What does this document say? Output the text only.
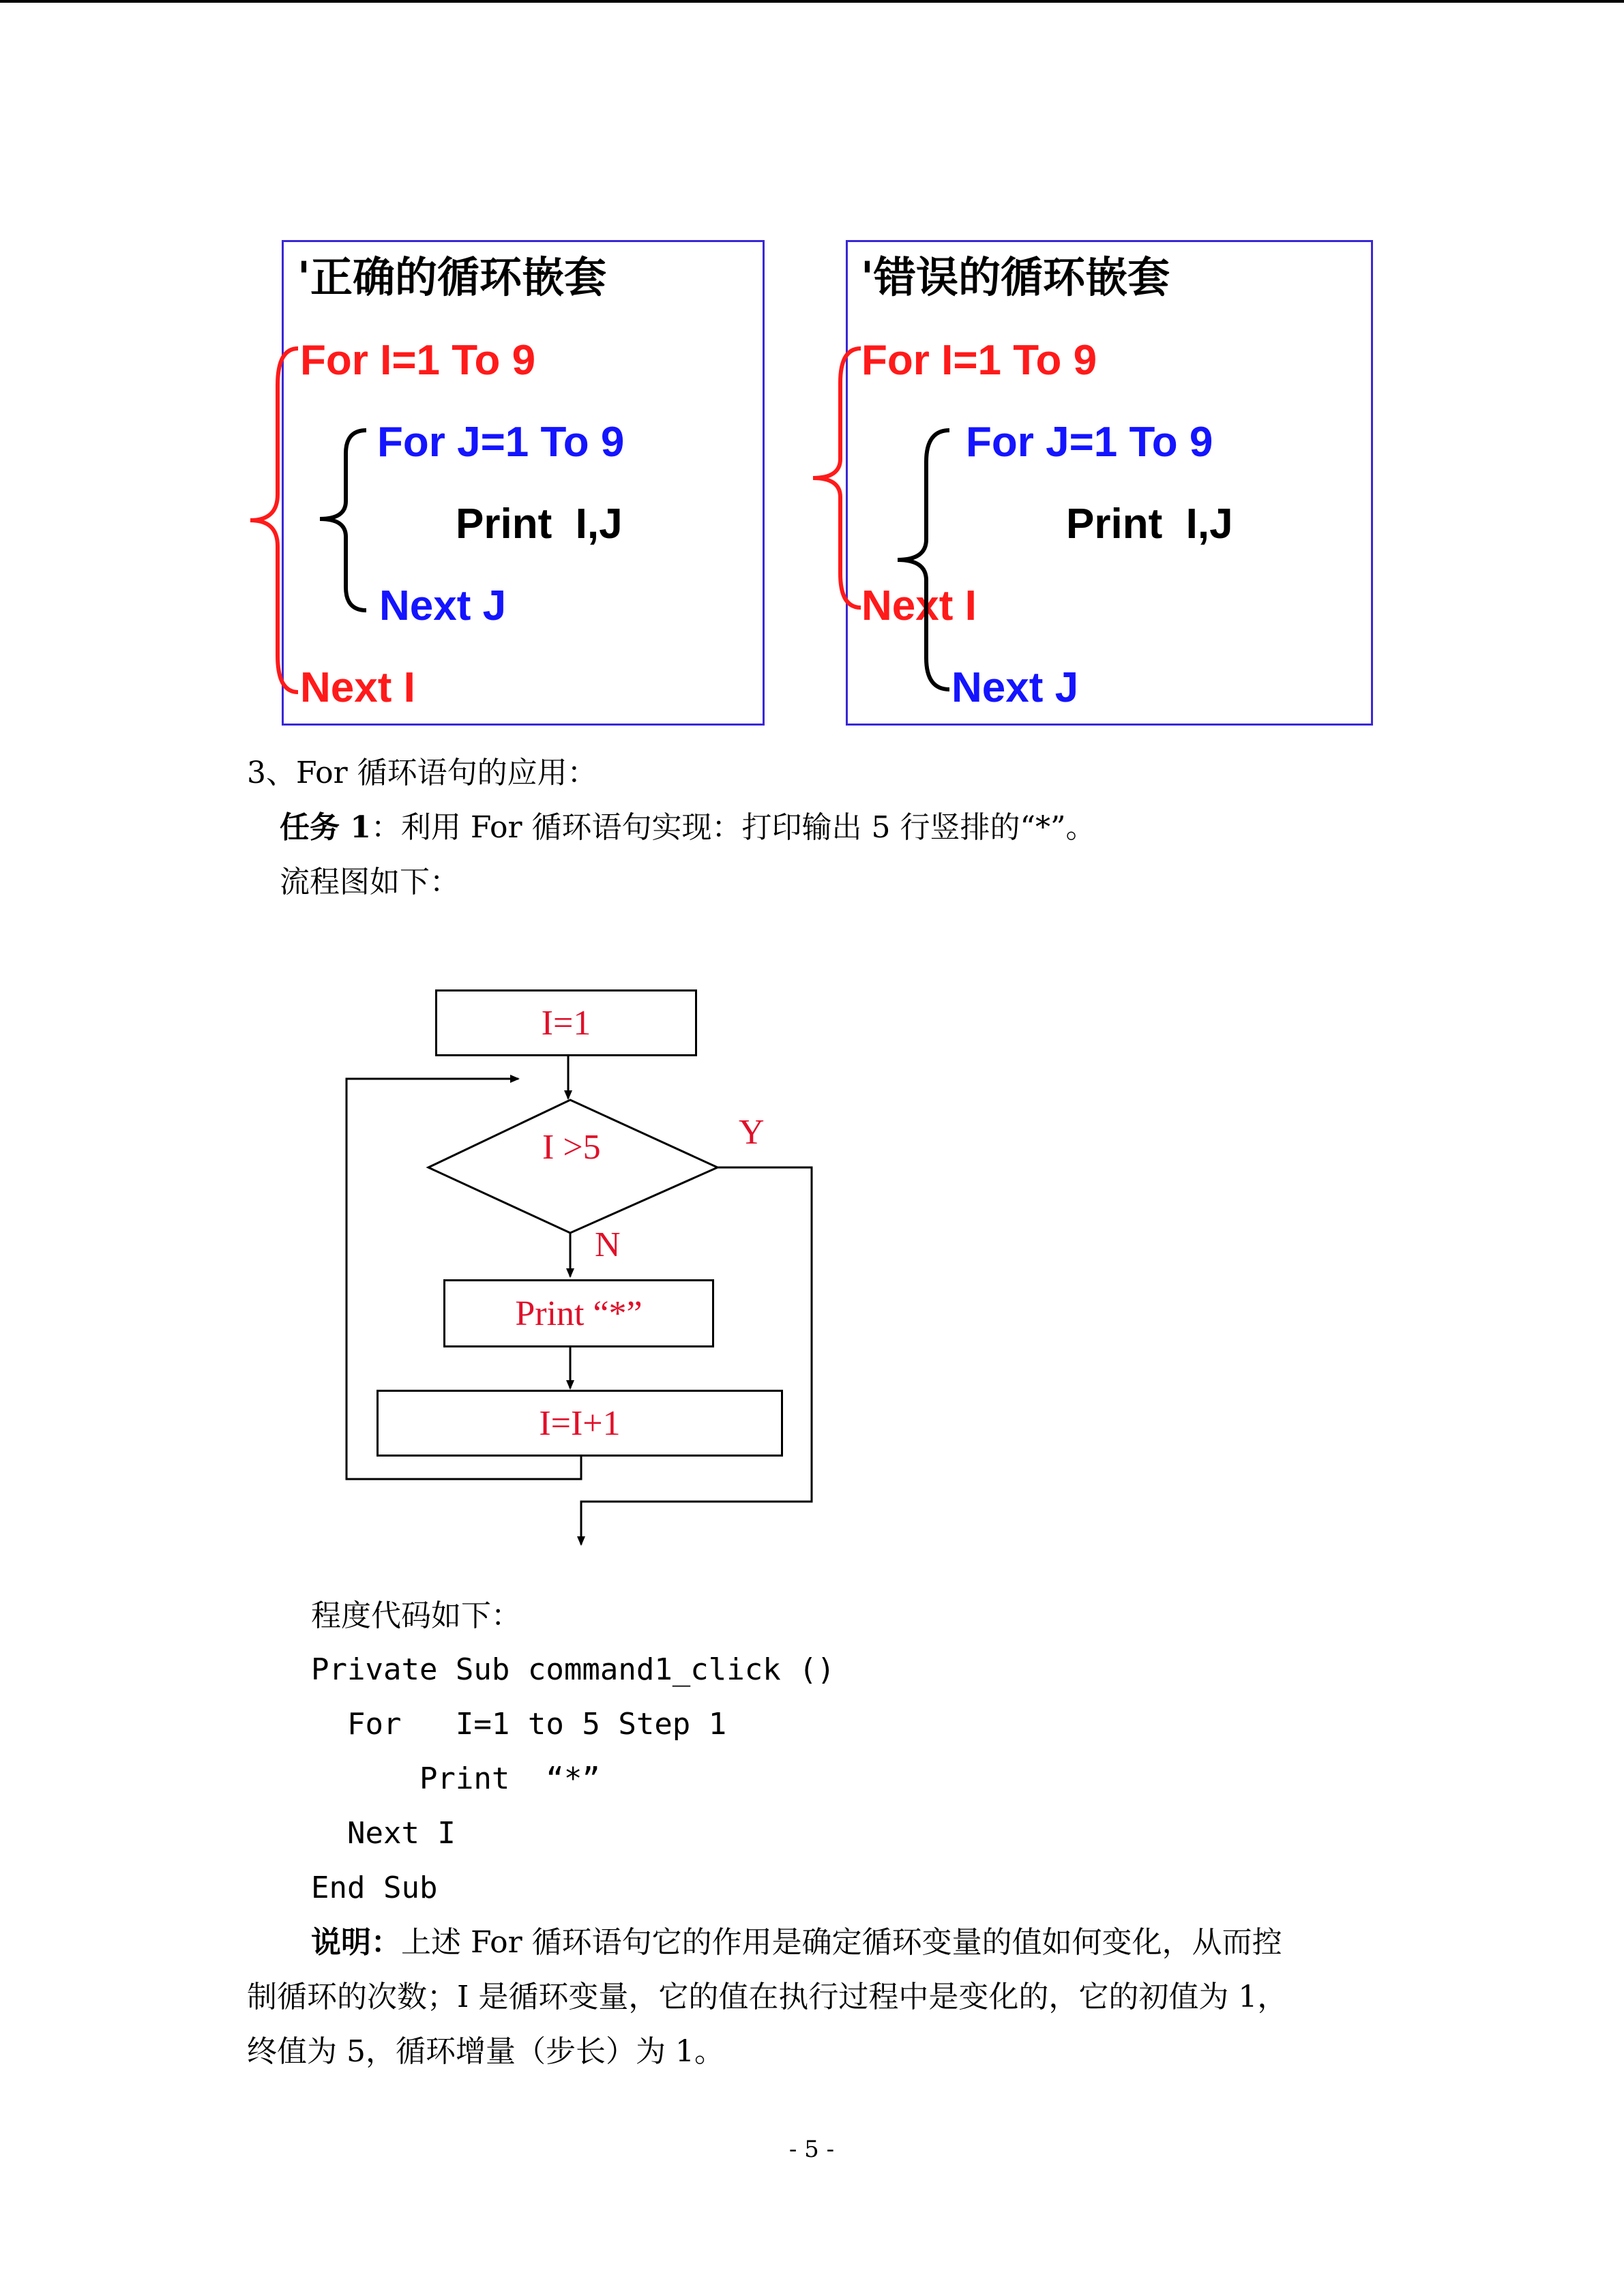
'正确的循环嵌套
For I=1 To 9
For J=1 To 9
Print  I,J
Next J
Next I
'错误的循环嵌套
For I=1 To 9
For J=1 To 9
Print  I,J
Next I
Next J
3、For 循环语句的应用：
任务 1：利用 For 循环语句实现：打印输出 5 行竖排的“*”。
流程图如下：
I=1
I >5	Y
N
Print “*”
I=I+1
程度代码如下：
Private Sub command1_click ()
For   I=1 to 5 Step 1
Print  “*”
Next I
End Sub
说明：上述 For 循环语句它的作用是确定循环变量的值如何变化，从而控
制循环的次数；I 是循环变量，它的值在执行过程中是变化的，它的初值为 1，
终值为 5，循环增量（步长）为 1。
- 5 -
